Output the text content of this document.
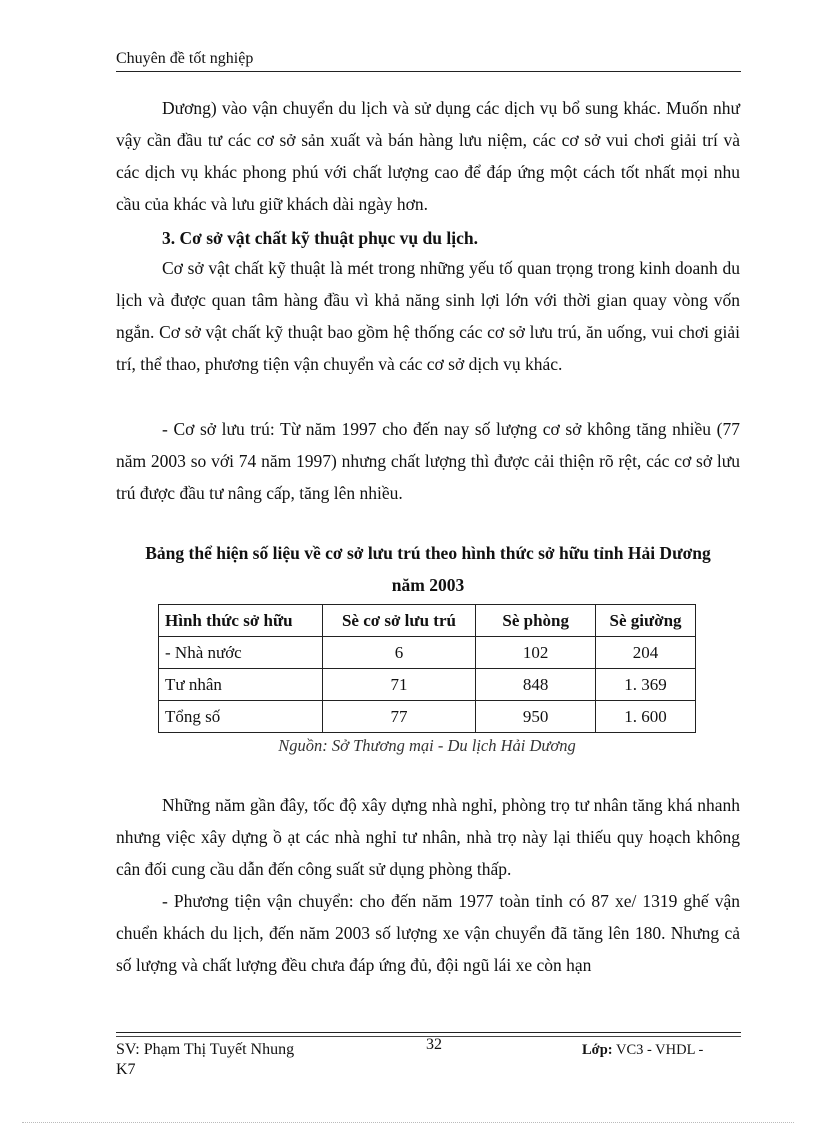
Chuyên đề tốt nghiệp

Dương) vào vận chuyển du lịch và sử dụng các dịch vụ bổ sung khác. Muốn như vậy cần đầu tư các cơ sở sản xuất và bán hàng lưu niệm, các cơ sở vui chơi giải trí và các dịch vụ khác phong phú với chất lượng cao để đáp ứng một cách tốt nhất mọi nhu cầu của khác và lưu giữ khách dài ngày hơn.

3. Cơ sở vật chất kỹ thuật phục vụ du lịch.

Cơ sở vật chất kỹ thuật là mét trong những yếu tố quan trọng trong kinh doanh du lịch và được quan tâm hàng đầu vì khả năng sinh lợi lớn với thời gian quay vòng vốn ngắn. Cơ sở vật chất kỹ thuật bao gồm hệ thống các cơ sở lưu trú, ăn uống, vui chơi giải trí, thể thao, phương tiện vận chuyển và các cơ sở dịch vụ khác.

- Cơ sở lưu trú: Từ năm 1997 cho đến nay số lượng cơ sở không tăng nhiều (77 năm 2003 so với 74 năm 1997) nhưng chất lượng thì được cải thiện rõ rệt, các cơ sở lưu trú được đầu tư nâng cấp, tăng lên nhiều.

Bảng thể hiện số liệu về cơ sở lưu trú theo hình thức sở hữu tỉnh Hải Dương

năm 2003

Hình thức sở hữu	Sè cơ sở lưu trú	Sè phòng	Sè giường
- Nhà nước	6	102	204
Tư nhân	71	848	1. 369
Tổng số	77	950	1. 600
Nguồn: Sở Thương mại - Du lịch Hải Dương

Những năm gần đây, tốc độ xây dựng nhà nghỉ, phòng trọ tư nhân tăng khá nhanh nhưng việc xây dựng ồ ạt các nhà nghỉ tư nhân, nhà trọ này lại thiếu quy hoạch không cân đối cung cầu dẫn đến công suất sử dụng phòng thấp.

- Phương tiện vận chuyển: cho đến năm 1977 toàn tỉnh có 87 xe/ 1319 ghế vận chuển khách du lịch, đến năm 2003 số lượng xe vận chuyển đã tăng lên 180. Nhưng cả số lượng và chất lượng đều chưa đáp ứng đủ, đội ngũ lái xe còn hạn

SV: Phạm Thị Tuyết Nhung
K7
32	Lớp: VC3 - VHDL -
